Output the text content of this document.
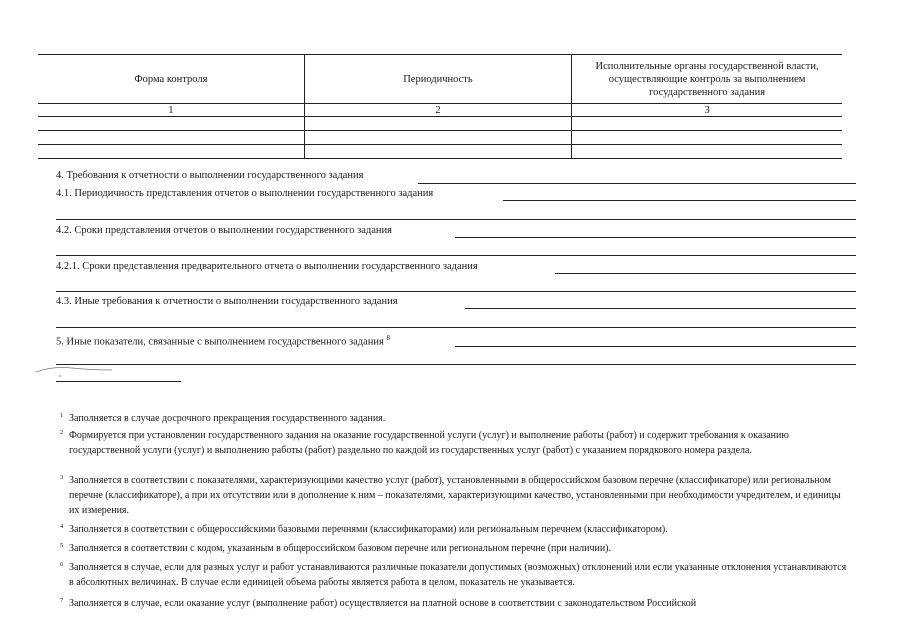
Форма контроля	Периодичность	Исполнительные органы государственной власти, осуществляющие контроль за выполнением государственного задания
1	2	3

4. Требования к отчетности о выполнении государственного задания
4.1. Периодичность представления отчетов о выполнении государственного задания
4.2. Сроки представления отчетов о выполнении государственного задания
4.2.1. Сроки представления предварительного отчета о выполнении государственного задания
4.3. Иные требования к отчетности о выполнении государственного задания
5. Иные показатели, связанные с выполнением государственного задания $^8$
1 Заполняется в случае досрочного прекращения государственного задания.
2 Формируется при установлении государственного задания на оказание государственной услуги (услуг) и выполнение работы (работ) и содержит требования к оказанию государственной услуги (услуг) и выполнению работы (работ) раздельно по каждой из государственных услуг (работ) с указанием порядкового номера раздела.
3 Заполняется в соответствии с показателями, характеризующими качество услуг (работ), установленными в общероссийском базовом перечне (классификаторе) или региональном перечне (классификаторе), а при их отсутствии или в дополнение к ним – показателями, характеризующими качество, установленными при необходимости учредителем, и единицы их измерения.
4 Заполняется в соответствии с общероссийскими базовыми перечнями (классификаторами) или региональным перечнем (классификатором).
5 Заполняется в соответствии с кодом, указанным в общероссийском базовом перечне или региональном перечне (при наличии).
6 Заполняется в случае, если для разных услуг и работ устанавливаются различные показатели допустимых (возможных) отклонений или если указанные отклонения устанавливаются в абсолютных величинах. В случае если единицей объема работы является работа в целом, показатель не указывается.
7 Заполняется в случае, если оказание услуг (выполнение работ) осуществляется на платной основе в соответствии с законодательством Российской
